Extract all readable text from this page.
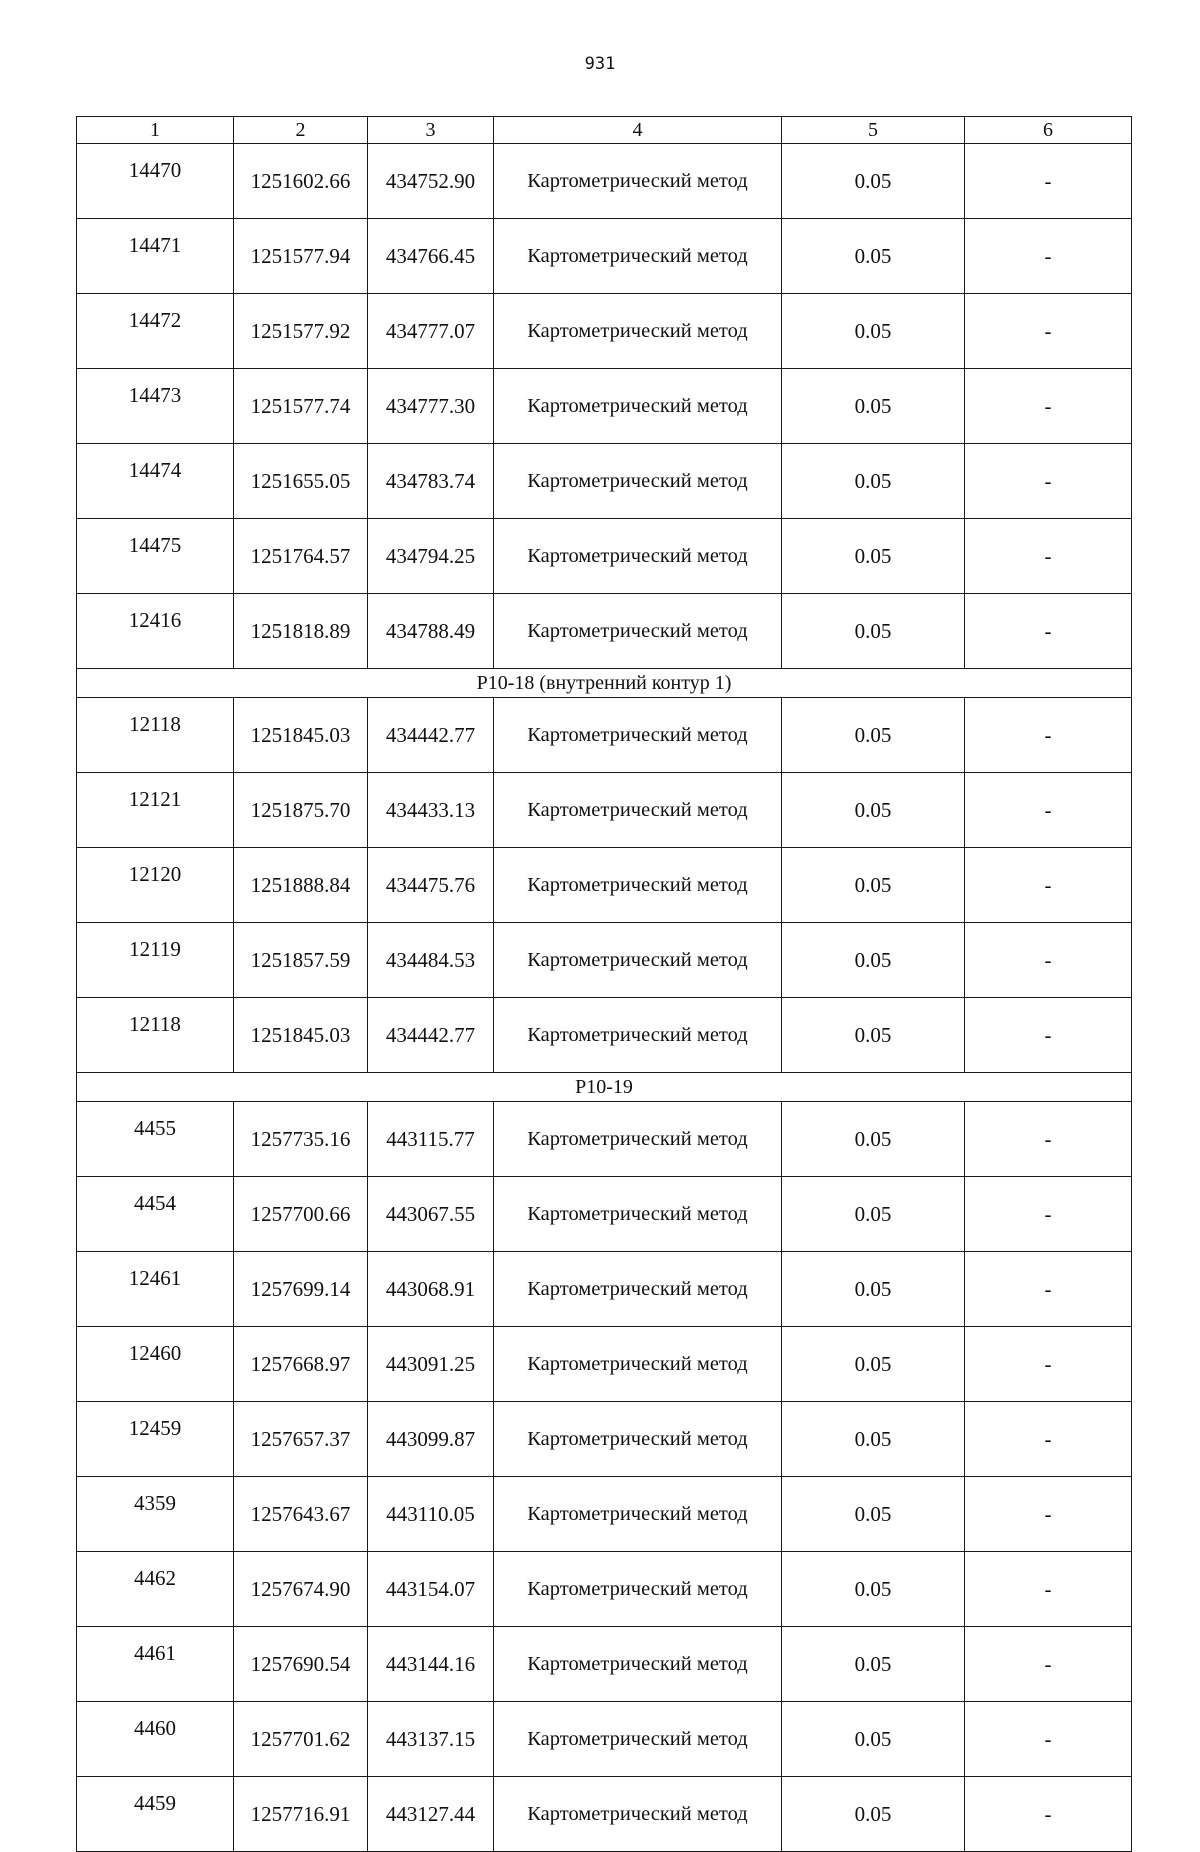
931
1	2	3	4	5	6
14470	1251602.66	434752.90	Картометрический метод	0.05	-
14471	1251577.94	434766.45	Картометрический метод	0.05	-
14472	1251577.92	434777.07	Картометрический метод	0.05	-
14473	1251577.74	434777.30	Картометрический метод	0.05	-
14474	1251655.05	434783.74	Картометрический метод	0.05	-
14475	1251764.57	434794.25	Картометрический метод	0.05	-
12416	1251818.89	434788.49	Картометрический метод	0.05	-
Р10-18 (внутренний контур 1)					
12118	1251845.03	434442.77	Картометрический метод	0.05	-
12121	1251875.70	434433.13	Картометрический метод	0.05	-
12120	1251888.84	434475.76	Картометрический метод	0.05	-
12119	1251857.59	434484.53	Картометрический метод	0.05	-
12118	1251845.03	434442.77	Картометрический метод	0.05	-
Р10-19					
4455	1257735.16	443115.77	Картометрический метод	0.05	-
4454	1257700.66	443067.55	Картометрический метод	0.05	-
12461	1257699.14	443068.91	Картометрический метод	0.05	-
12460	1257668.97	443091.25	Картометрический метод	0.05	-
12459	1257657.37	443099.87	Картометрический метод	0.05	-
4359	1257643.67	443110.05	Картометрический метод	0.05	-
4462	1257674.90	443154.07	Картометрический метод	0.05	-
4461	1257690.54	443144.16	Картометрический метод	0.05	-
4460	1257701.62	443137.15	Картометрический метод	0.05	-
4459	1257716.91	443127.44	Картометрический метод	0.05	-
